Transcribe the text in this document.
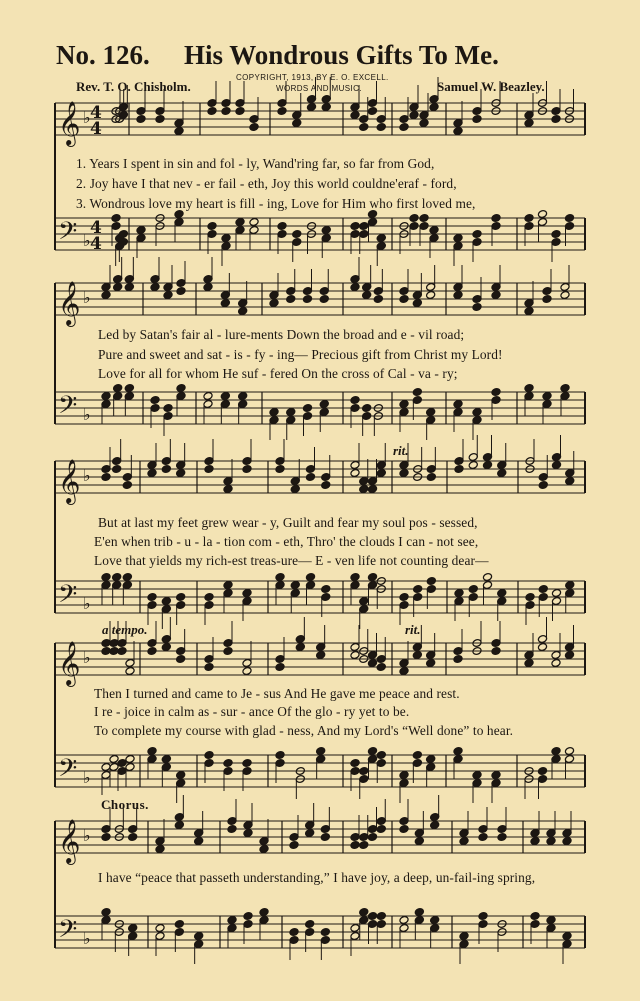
No. 126. His Wondrous Gifts To Me.
COPYRIGHT, 1913, BY E. O. EXCELL.
WORDS AND MUSIC.
Rev. T. O. Chisholm.	Samuel W. Beazley.
𝄞 ♭ 4
4
𝄢 ♭
4
4
𝄞 ♭
𝄢 ♭
𝄞 ♭
𝄢 ♭
𝄞 ♭
𝄢 ♭
𝄞 ♭
𝄢 ♭
rit.
a tempo.	rit.
Chorus.
1. Years I spent in sin and fol - ly, Wand'ring far, so far from God,
2. Joy have I that nev - er fail - eth, Joy this world couldne'eraf - ford,
3. Wondrous love my heart is fill - ing, Love for Him who first loved me,
Led by Satan's fair al - lure-ments Down the broad and e - vil road;
Pure and sweet and sat - is - fy - ing— Precious gift from Christ my Lord!
Love for all for whom He suf - fered On the cross of Cal - va - ry;
But at last my feet grew wear - y, Guilt and fear my soul pos - sessed,
E'en when trib - u - la - tion com - eth, Thro' the clouds I can - not see,
Love that yields my rich-est treas-ure— E - ven life not counting dear—
Then I turned and came to Je - sus And He gave me peace and rest.
I re - joice in calm as - sur - ance Of the glo - ry yet to be.
To complete my course with glad - ness, And my Lord's “Well done” to hear.
I have “peace that passeth understanding,” I have joy, a deep, un-fail-ing spring,
